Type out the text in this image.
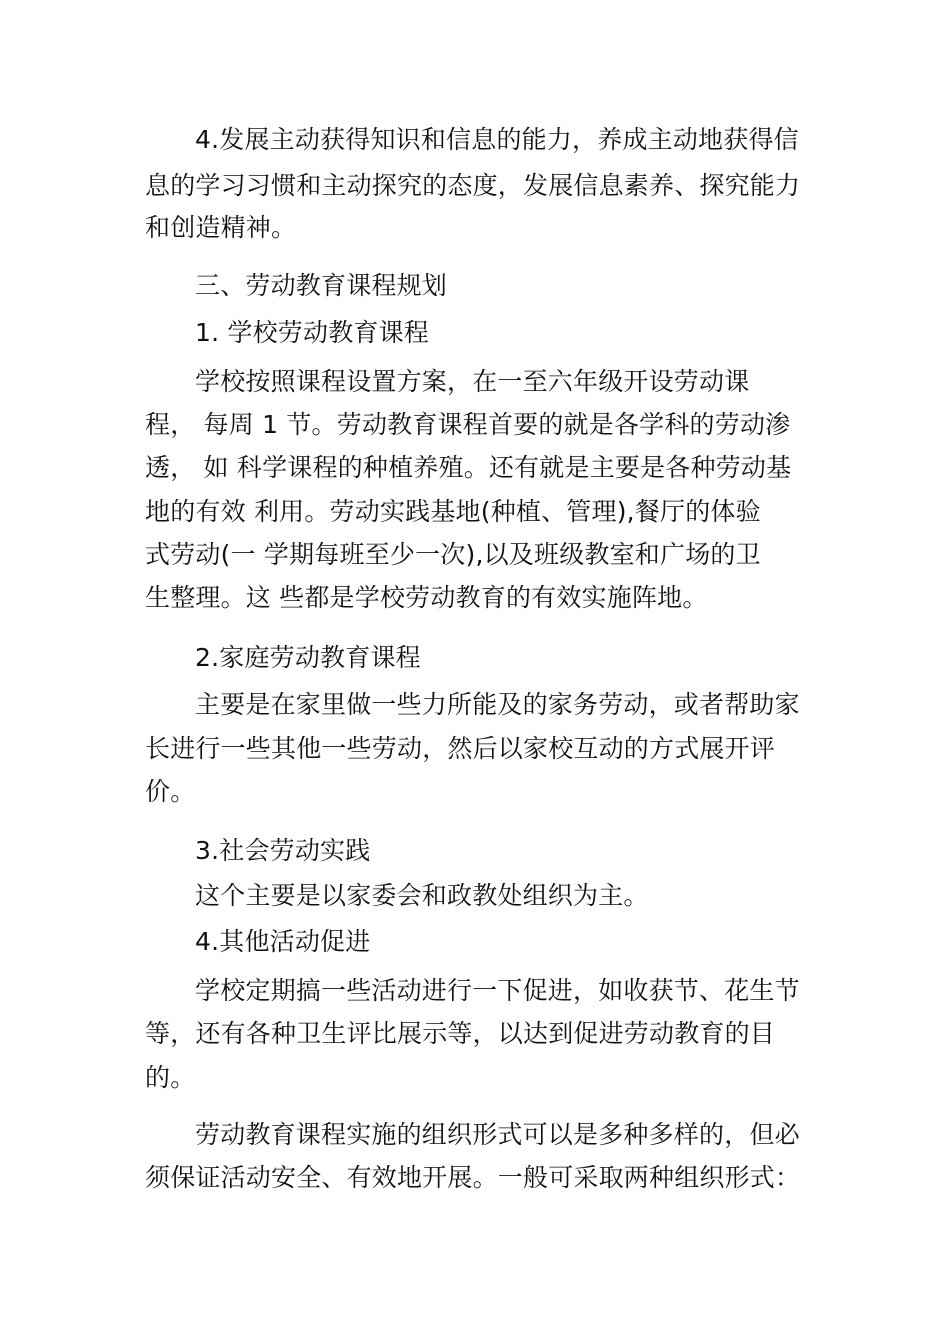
4.发展主动获得知识和信息的能力，养成主动地获得信
息的学习习惯和主动探究的态度，发展信息素养、探究能力
和创造精神。
三、劳动教育课程规划
1. 学校劳动教育课程
学校按照课程设置方案，在一至六年级开设劳动课
程， 每周 1 节。劳动教育课程首要的就是各学科的劳动渗
透， 如 科学课程的种植养殖。还有就是主要是各种劳动基
地的有效 利用。劳动实践基地(种植、管理),餐厅的体验
式劳动(一 学期每班至少一次),以及班级教室和广场的卫
生整理。这 些都是学校劳动教育的有效实施阵地。
2.家庭劳动教育课程
主要是在家里做一些力所能及的家务劳动，或者帮助家
长进行一些其他一些劳动，然后以家校互动的方式展开评
价。
3.社会劳动实践
这个主要是以家委会和政教处组织为主。
4.其他活动促进
学校定期搞一些活动进行一下促进，如收获节、花生节
等，还有各种卫生评比展示等，以达到促进劳动教育的目
的。
劳动教育课程实施的组织形式可以是多种多样的，但必
须保证活动安全、有效地开展。一般可采取两种组织形式：
